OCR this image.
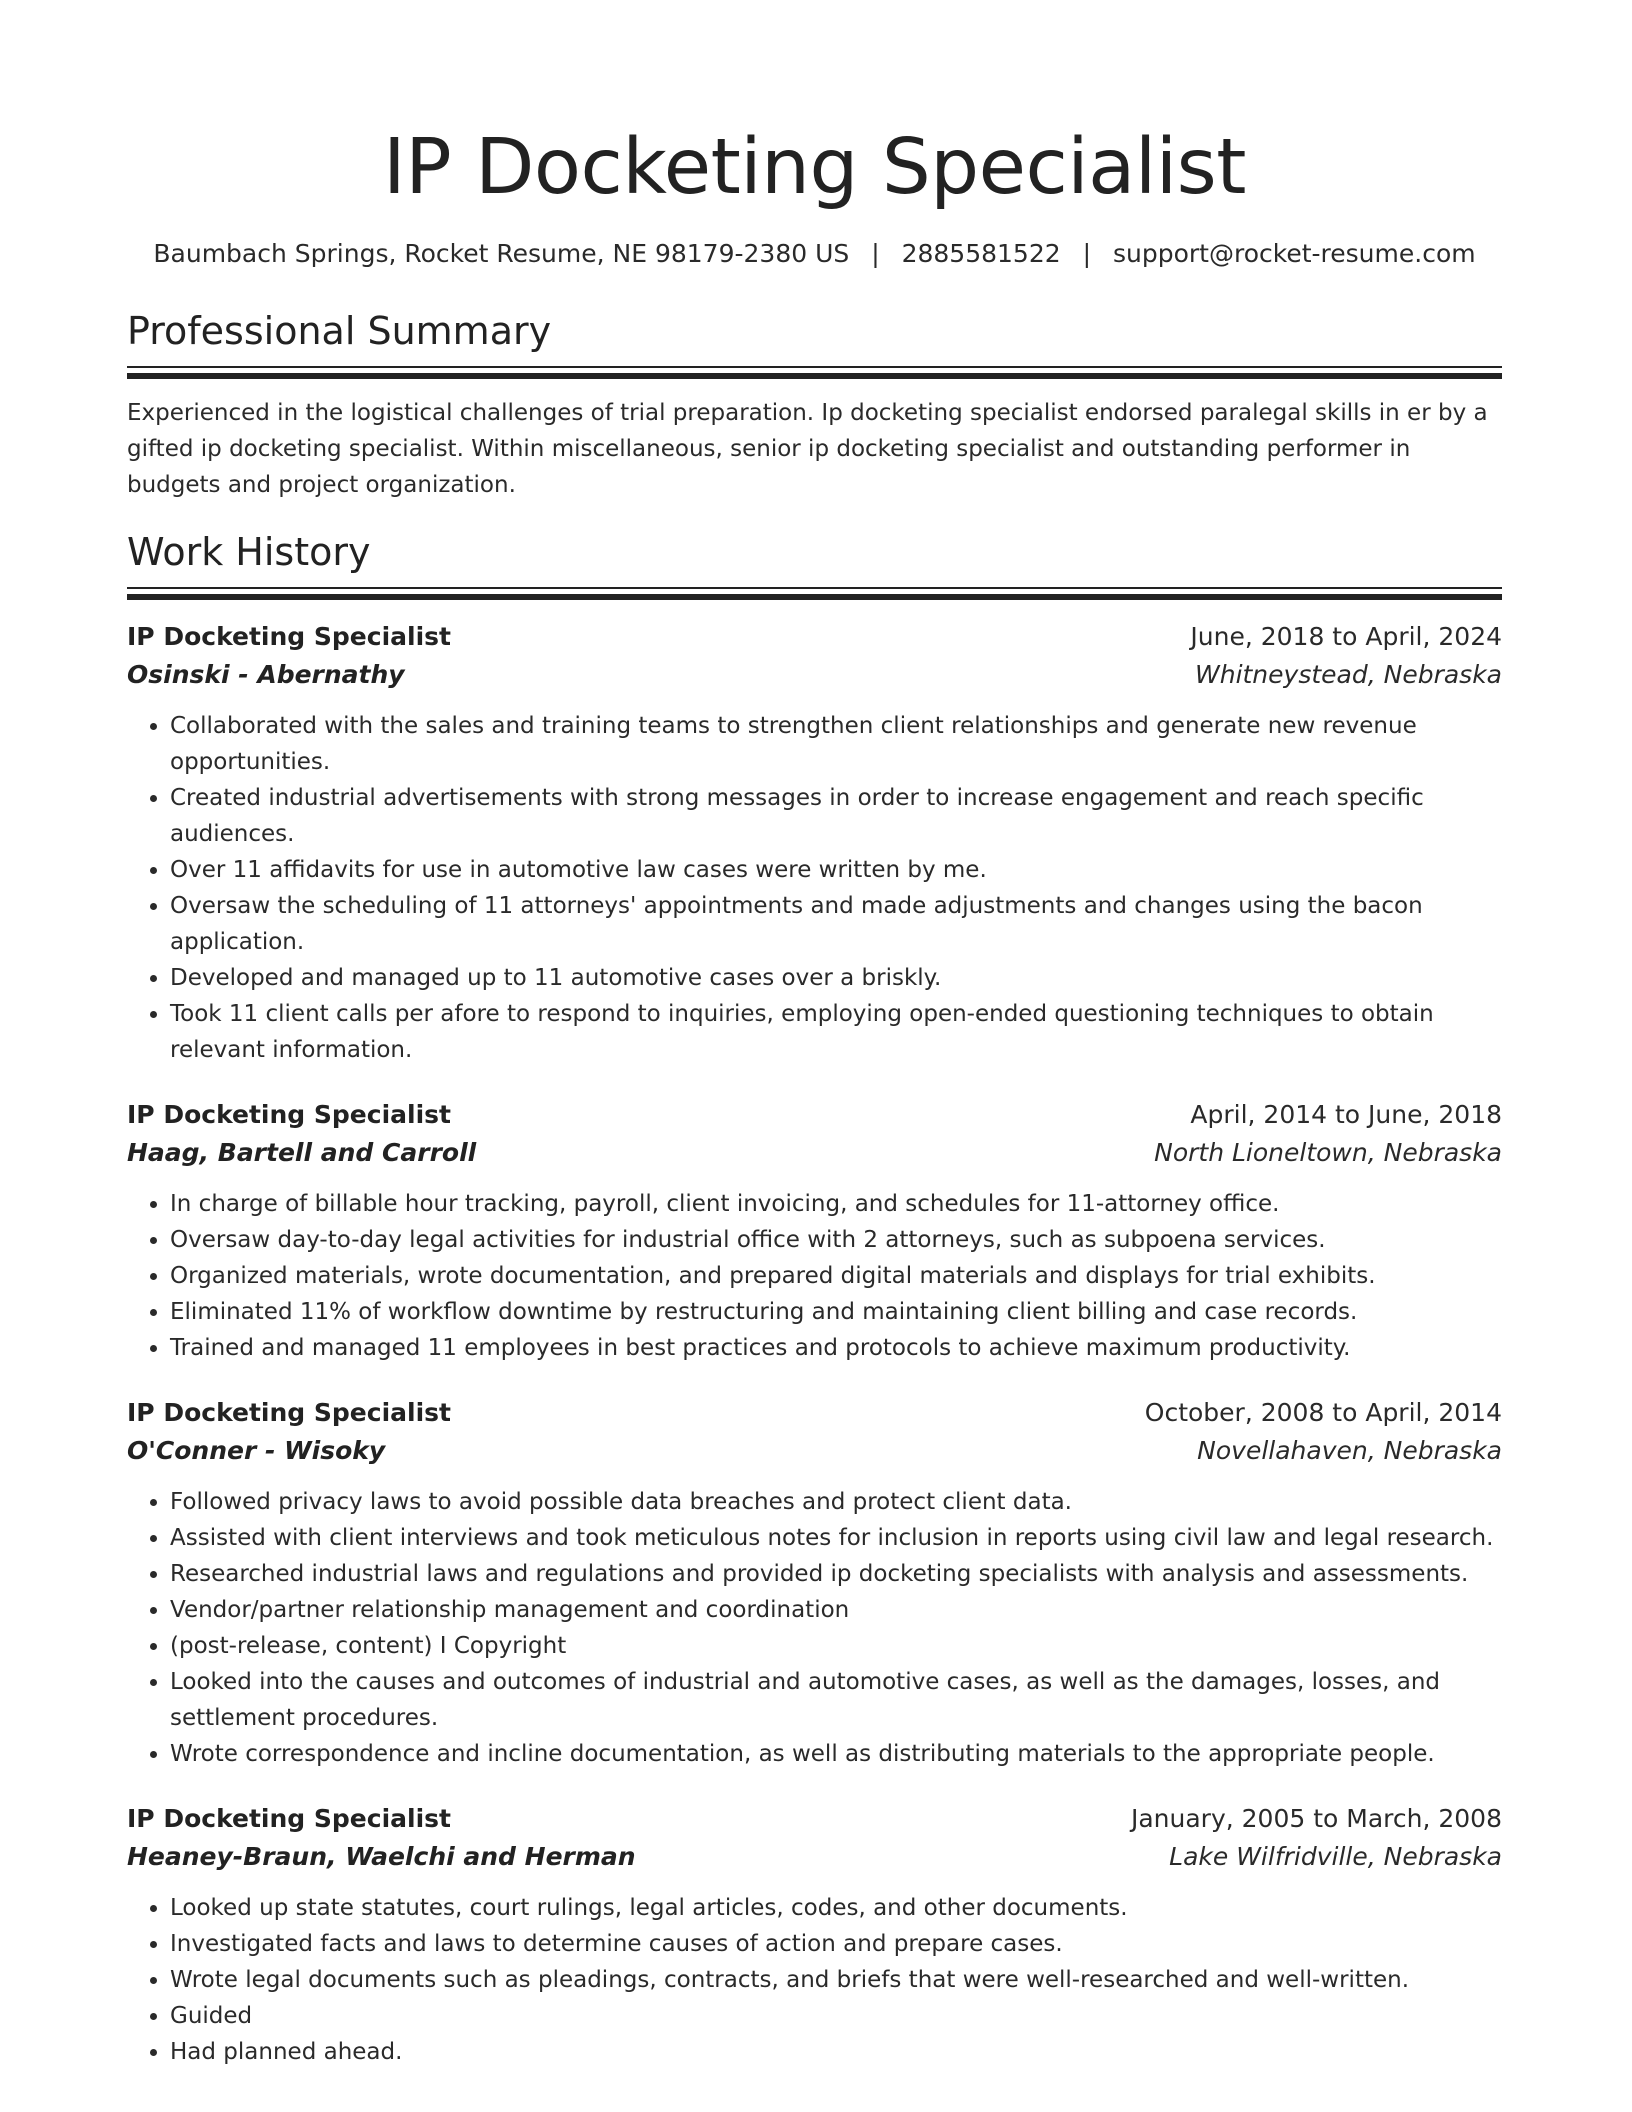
IP Docketing Specialist
Baumbach Springs, Rocket Resume, NE 98179-2380 US | 2885581522 | support@rocket-resume.com
Professional Summary

Experienced in the logistical challenges of trial preparation. Ip docketing specialist endorsed paralegal skills in er by a gifted ip docketing specialist. Within miscellaneous, senior ip docketing specialist and outstanding performer in budgets and project organization.

Work History
IP Docketing Specialist	June, 2018 to April, 2024
Osinski - Abernathy	Whitneystead, Nebraska
• Collaborated with the sales and training teams to strengthen client relationships and generate new revenue opportunities.
• Created industrial advertisements with strong messages in order to increase engagement and reach specific audiences.
• Over 11 affidavits for use in automotive law cases were written by me.
• Oversaw the scheduling of 11 attorneys' appointments and made adjustments and changes using the bacon application.
• Developed and managed up to 11 automotive cases over a briskly.
• Took 11 client calls per afore to respond to inquiries, employing open-ended questioning techniques to obtain relevant information.
IP Docketing Specialist	April, 2014 to June, 2018
Haag, Bartell and Carroll	North Lioneltown, Nebraska
• In charge of billable hour tracking, payroll, client invoicing, and schedules for 11-attorney office.
• Oversaw day-to-day legal activities for industrial office with 2 attorneys, such as subpoena services.
• Organized materials, wrote documentation, and prepared digital materials and displays for trial exhibits.
• Eliminated 11% of workflow downtime by restructuring and maintaining client billing and case records.
• Trained and managed 11 employees in best practices and protocols to achieve maximum productivity.
IP Docketing Specialist	October, 2008 to April, 2014
O'Conner - Wisoky	Novellahaven, Nebraska
• Followed privacy laws to avoid possible data breaches and protect client data.
• Assisted with client interviews and took meticulous notes for inclusion in reports using civil law and legal research.
• Researched industrial laws and regulations and provided ip docketing specialists with analysis and assessments.
• Vendor/partner relationship management and coordination
• (post-release, content) I Copyright
• Looked into the causes and outcomes of industrial and automotive cases, as well as the damages, losses, and settlement procedures.
• Wrote correspondence and incline documentation, as well as distributing materials to the appropriate people.
IP Docketing Specialist	January, 2005 to March, 2008
Heaney-Braun, Waelchi and Herman	Lake Wilfridville, Nebraska
• Looked up state statutes, court rulings, legal articles, codes, and other documents.
• Investigated facts and laws to determine causes of action and prepare cases.
• Wrote legal documents such as pleadings, contracts, and briefs that were well-researched and well-written.
• Guided
• Had planned ahead.
